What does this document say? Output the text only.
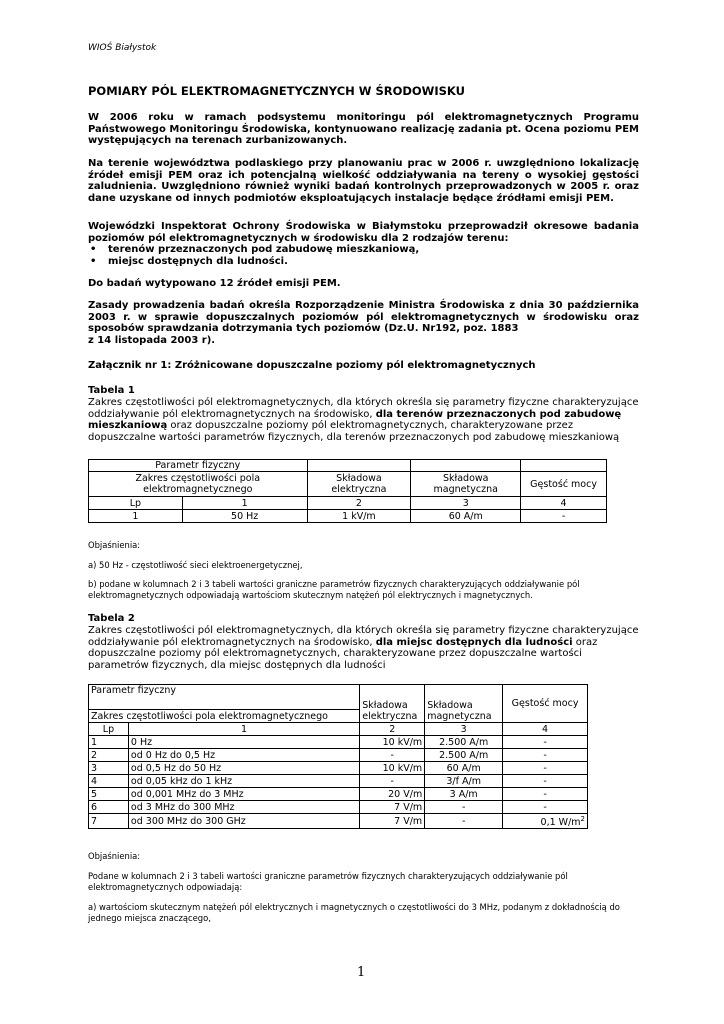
WIOŚ Białystok
POMIARY PÓL ELEKTROMAGNETYCZNYCH W ŚRODOWISKU

W 2006 roku w ramach podsystemu monitoringu pól elektromagnetycznych Programu Państwowego Monitoringu Środowiska, kontynuowano realizację zadania pt. Ocena poziomu PEM występujących na terenach zurbanizowanych.

Na terenie województwa podlaskiego przy planowaniu prac w 2006 r. uwzględniono lokalizację źródeł emisji PEM oraz ich potencjalną wielkość oddziaływania na tereny o wysokiej gęstości zaludnienia. Uwzględniono również wyniki badań kontrolnych przeprowadzonych w 2005 r. oraz dane uzyskane od innych podmiotów eksploatujących instalacje będące źródłami emisji PEM.

Wojewódzki Inspektorat Ochrony Środowiska w Białymstoku przeprowadził okresowe badania poziomów pól elektromagnetycznych w środowisku dla 2 rodzajów terenu:

• terenów przeznaczonych pod zabudowę mieszkaniową,
• miejsc dostępnych dla ludności.

Do badań wytypowano 12 źródeł emisji PEM.

Zasady prowadzenia badań określa Rozporządzenie Ministra Środowiska z dnia 30 października 2003 r. w sprawie dopuszczalnych poziomów pól elektromagnetycznych w środowisku oraz sposobów sprawdzania dotrzymania tych poziomów (Dz.U. Nr192, poz. 1883

z 14 listopada 2003 r).

Załącznik nr 1: Zróżnicowane dopuszczalne poziomy pól elektromagnetycznych

Tabela 1
Zakres częstotliwości pól elektromagnetycznych, dla których określa się parametry fizyczne charakteryzujące oddziaływanie pól elektromagnetycznych na środowisko, dla terenów przeznaczonych pod zabudowę mieszkaniową oraz dopuszczalne poziomy pól elektromagnetycznych, charakteryzowane przez dopuszczalne wartości parametrów fizycznych, dla terenów przeznaczonych pod zabudowę mieszkaniową
Parametr fizyczny				
Zakres częstotliwości pola elektromagnetycznego		Składowa elektryczna	Składowa magnetyczna	Gęstość mocy
Lp	1	2	3	4
1	50 Hz	1 kV/m	60 A/m	-
Objaśnienia:
a) 50 Hz - częstotliwość sieci elektroenergetycznej,
b) podane w kolumnach 2 i 3 tabeli wartości graniczne parametrów fizycznych charakteryzujących oddziaływanie pól elektromagnetycznych odpowiadają wartościom skutecznym natężeń pól elektrycznych i magnetycznych.
Tabela 2
Zakres częstotliwości pól elektromagnetycznych, dla których określa się parametry fizyczne charakteryzujące oddziaływanie pól elektromagnetycznych na środowisko, dla miejsc dostępnych dla ludności oraz dopuszczalne poziomy pól elektromagnetycznych, charakteryzowane przez dopuszczalne wartości parametrów fizycznych, dla miejsc dostępnych dla ludności
Parametr fizyczny		Składowa elektryczna	Składowa magnetyczna	Gęstość mocy
Zakres częstotliwości pola elektromagnetycznego				
Lp	1	2	3	4
1	0 Hz	10 kV/m	2.500 A/m	-
2	od 0 Hz do 0,5 Hz	-	2.500 A/m	-
3	od 0,5 Hz do 50 Hz	10 kV/m	60 A/m	-
4	od 0,05 kHz do 1 kHz	-	3/f A/m	-
5	od 0,001 MHz do 3 MHz	20 V/m	3 A/m	-
6	od 3 MHz do 300 MHz	7 V/m	-	-
7	od 300 MHz do 300 GHz	7 V/m	-	0,1 $W/m^2$
Objaśnienia:
Podane w kolumnach 2 i 3 tabeli wartości graniczne parametrów fizycznych charakteryzujących oddziaływanie pól elektromagnetycznych odpowiadają:
a) wartościom skutecznym natężeń pól elektrycznych i magnetycznych o częstotliwości do 3 MHz, podanym z dokładnością do jednego miejsca znaczącego,
1
